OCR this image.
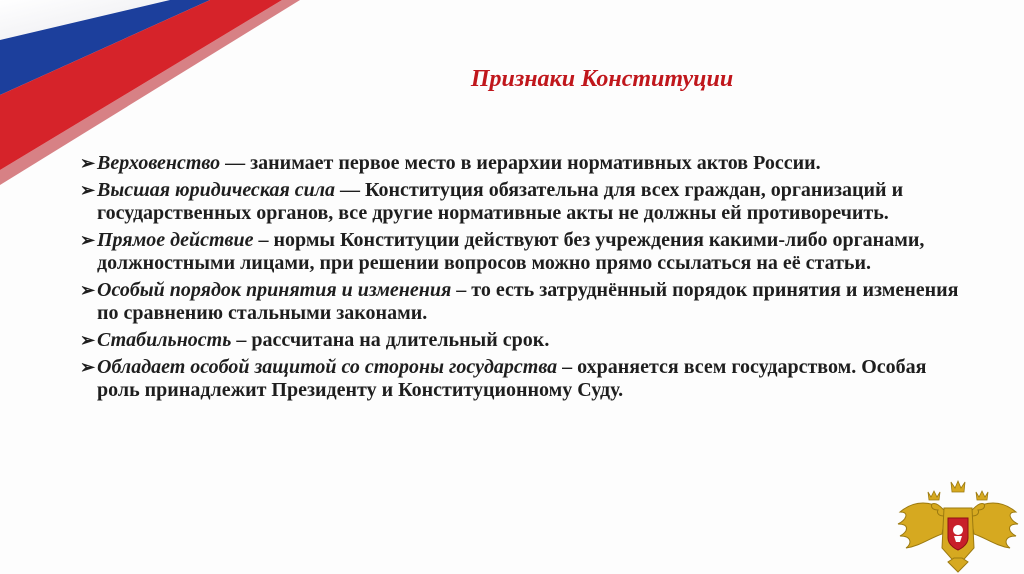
Признаки Конституции
➢ Верховенство — занимает первое место в иерархии нормативных актов России.
➢ Высшая юридическая сила — Конституция обязательна для всех граждан, организаций и государственных органов, все другие нормативные акты не должны ей противоречить.
➢ Прямое действие – нормы Конституции действуют без учреждения какими-либо органами, должностными лицами, при решении вопросов можно прямо ссылаться на её статьи.
➢ Особый порядок принятия и изменения – то есть затруднённый порядок принятия и изменения по сравнению стальными законами.
➢ Стабильность – рассчитана на длительный срок.
➢ Обладает особой защитой со стороны государства – охраняется всем государством. Особая роль принадлежит Президенту и Конституционному Суду.
